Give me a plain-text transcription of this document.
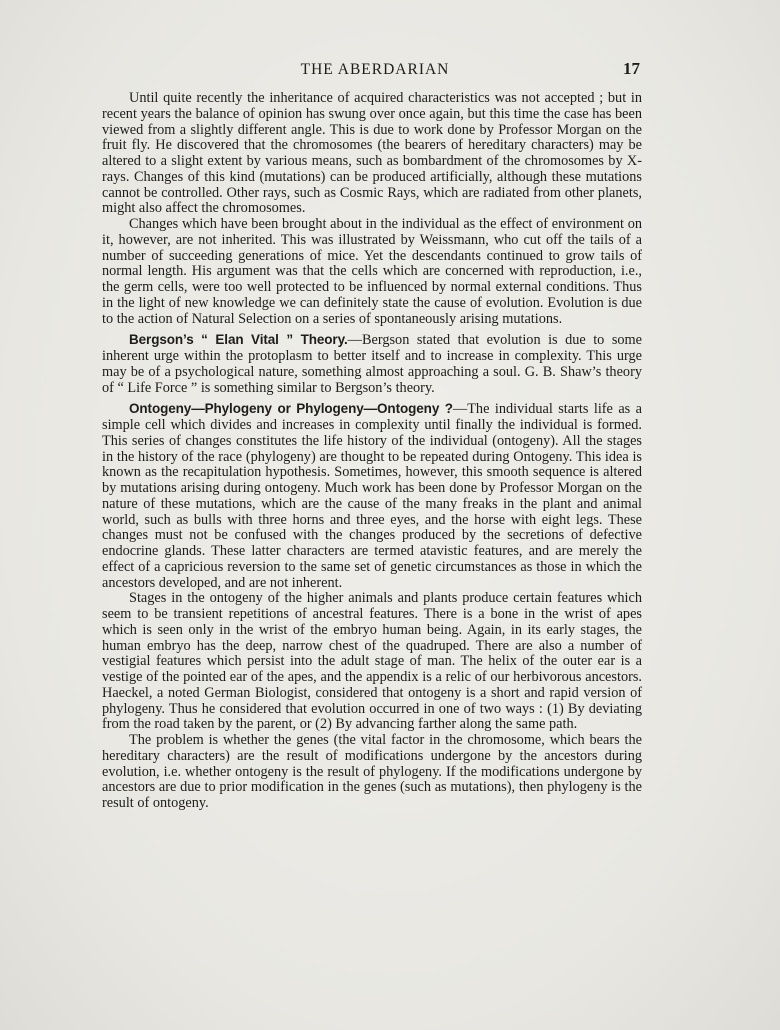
THE ABERDARIAN	17

Until quite recently the inheritance of acquired characteristics was not accepted ; but in recent years the balance of opinion has swung over once again, but this time the case has been viewed from a slightly different angle. This is due to work done by Professor Morgan on the fruit fly. He discovered that the chromosomes (the bearers of hereditary characters) may be altered to a slight extent by various means, such as bombardment of the chromosomes by X-rays. Changes of this kind (mutations) can be produced artificially, although these mutations cannot be controlled. Other rays, such as Cosmic Rays, which are radiated from other planets, might also affect the chromosomes.

Changes which have been brought about in the individual as the effect of environment on it, however, are not inherited. This was illustrated by Weissmann, who cut off the tails of a number of succeeding generations of mice. Yet the descendants continued to grow tails of normal length. His argument was that the cells which are concerned with reproduction, i.e., the germ cells, were too well protected to be influenced by normal external conditions. Thus in the light of new knowledge we can definitely state the cause of evolution. Evolution is due to the action of Natural Selection on a series of spontaneously arising mutations.

Bergson’s “ Elan Vital ” Theory.—Bergson stated that evolution is due to some inherent urge within the protoplasm to better itself and to increase in complexity. This urge may be of a psychological nature, something almost approaching a soul. G. B. Shaw’s theory of “ Life Force ” is something similar to Bergson’s theory.

Ontogeny—Phylogeny or Phylogeny—Ontogeny ?—The individual starts life as a simple cell which divides and increases in complexity until finally the individual is formed. This series of changes constitutes the life history of the individual (ontogeny). All the stages in the history of the race (phylogeny) are thought to be repeated during Ontogeny. This idea is known as the recapitulation hypothesis. Sometimes, however, this smooth sequence is altered by mutations arising during ontogeny. Much work has been done by Professor Morgan on the nature of these mutations, which are the cause of the many freaks in the plant and animal world, such as bulls with three horns and three eyes, and the horse with eight legs. These changes must not be confused with the changes produced by the secretions of defective endocrine glands. These latter characters are termed atavistic features, and are merely the effect of a capricious reversion to the same set of genetic circumstances as those in which the ancestors developed, and are not inherent.

Stages in the ontogeny of the higher animals and plants produce certain features which seem to be transient repetitions of ancestral features. There is a bone in the wrist of apes which is seen only in the wrist of the embryo human being. Again, in its early stages, the human embryo has the deep, narrow chest of the quadruped. There are also a number of vestigial features which persist into the adult stage of man. The helix of the outer ear is a vestige of the pointed ear of the apes, and the appendix is a relic of our herbivorous ancestors. Haeckel, a noted German Biologist, considered that ontogeny is a short and rapid version of phylogeny. Thus he considered that evolution occurred in one of two ways : (1) By deviating from the road taken by the parent, or (2) By advancing farther along the same path.

The problem is whether the genes (the vital factor in the chromosome, which bears the hereditary characters) are the result of modifications undergone by the ancestors during evolution, i.e. whether ontogeny is the result of phylogeny. If the modifications undergone by ancestors are due to prior modification in the genes (such as mutations), then phylogeny is the result of ontogeny.
